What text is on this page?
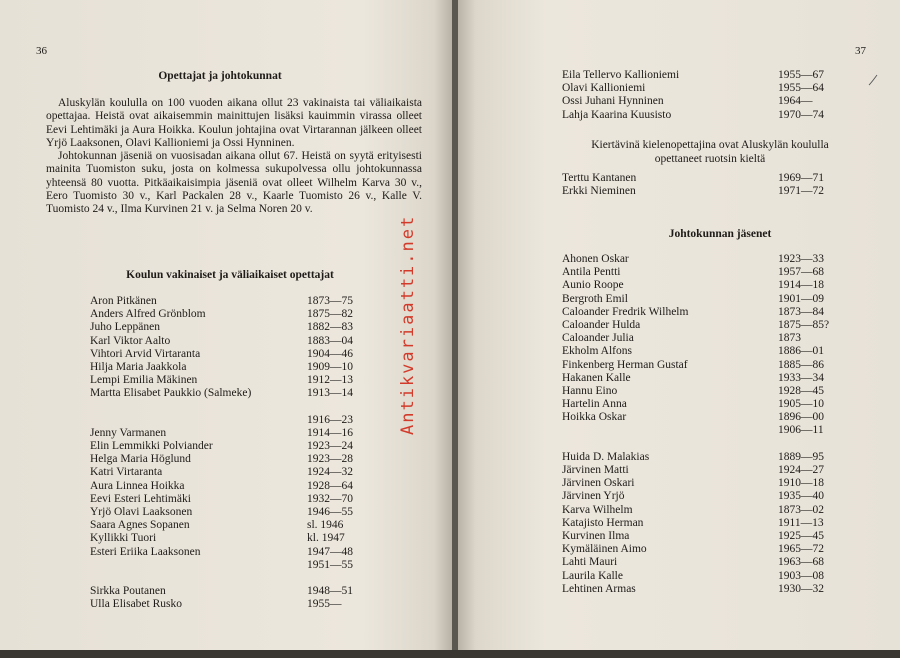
36
Opettajat ja johtokunnat

Aluskylän koululla on 100 vuoden aikana ollut 23 vakinaista tai väliaikaista opettajaa. Heistä ovat aikaisemmin mainittujen lisäksi kauimmin virassa olleet Eevi Lehtimäki ja Aura Hoikka. Koulun johtajina ovat Virtarannan jälkeen olleet Yrjö Laaksonen, Olavi Kallioniemi ja Ossi Hynninen.

Johtokunnan jäseniä on vuosisadan aikana ollut 67. Heistä on syytä erityisesti mainita Tuomiston suku, josta on kolmessa sukupolvessa ollu johtokunnassa yhteensä 80 vuotta. Pitkäaikaisimpia jäseniä ovat olleet Wilhelm Karva 30 v., Eero Tuomisto 30 v., Karl Packalen 28 v., Kaarle Tuomisto 26 v., Kalle V. Tuomisto 24 v., Ilma Kurvinen 21 v. ja Selma Noren 20 v.

Koulun vakinaiset ja väliaikaiset opettajat
Aron Pitkänen	1873—75
Anders Alfred Grönblom	1875—82
Juho Leppänen	1882—83
Karl Viktor Aalto	1883—04
Vihtori Arvid Virtaranta	1904—46
Hilja Maria Jaakkola	1909—10
Lempi Emilia Mäkinen	1912—13
Martta Elisabet Paukkio (Salmeke)	1913—14
1916—23
Jenny Varmanen	1914—16
Elin Lemmikki Polviander	1923—24
Helga Maria Höglund	1923—28
Katri Virtaranta	1924—32
Aura Linnea Hoikka	1928—64
Eevi Esteri Lehtimäki	1932—70
Yrjö Olavi Laaksonen	1946—55
Saara Agnes Sopanen	sl. 1946
Kyllikki Tuori	kl. 1947
Esteri Eriika Laaksonen	1947—48
1951—55
Sirkka Poutanen	1948—51
Ulla Elisabet Rusko	1955—
37
Eila Tellervo Kallioniemi	1955—67
Olavi Kallioniemi	1955—64
Ossi Juhani Hynninen	1964—
Lahja Kaarina Kuusisto	1970—74
Kiertävinä kielenopettajina ovat Aluskylän koululla
opettaneet ruotsin kieltä
Terttu Kantanen	1969—71
Erkki Nieminen	1971—72
Johtokunnan jäsenet
Ahonen Oskar	1923—33
Antila Pentti	1957—68
Aunio Roope	1914—18
Bergroth Emil	1901—09
Caloander Fredrik Wilhelm	1873—84
Caloander Hulda	1875—85?
Caloander Julia	1873
Ekholm Alfons	1886—01
Finkenberg Herman Gustaf	1885—86
Hakanen Kalle	1933—34
Hannu Eino	1928—45
Hartelin Anna	1905—10
Hoikka Oskar	1896—00
1906—11
Huida D. Malakias	1889—95
Järvinen Matti	1924—27
Järvinen Oskari	1910—18
Järvinen Yrjö	1935—40
Karva Wilhelm	1873—02
Katajisto Herman	1911—13
Kurvinen Ilma	1925—45
Kymäläinen Aimo	1965—72
Lahti Mauri	1963—68
Laurila Kalle	1903—08
Lehtinen Armas	1930—32
Antikvariaatti.net
